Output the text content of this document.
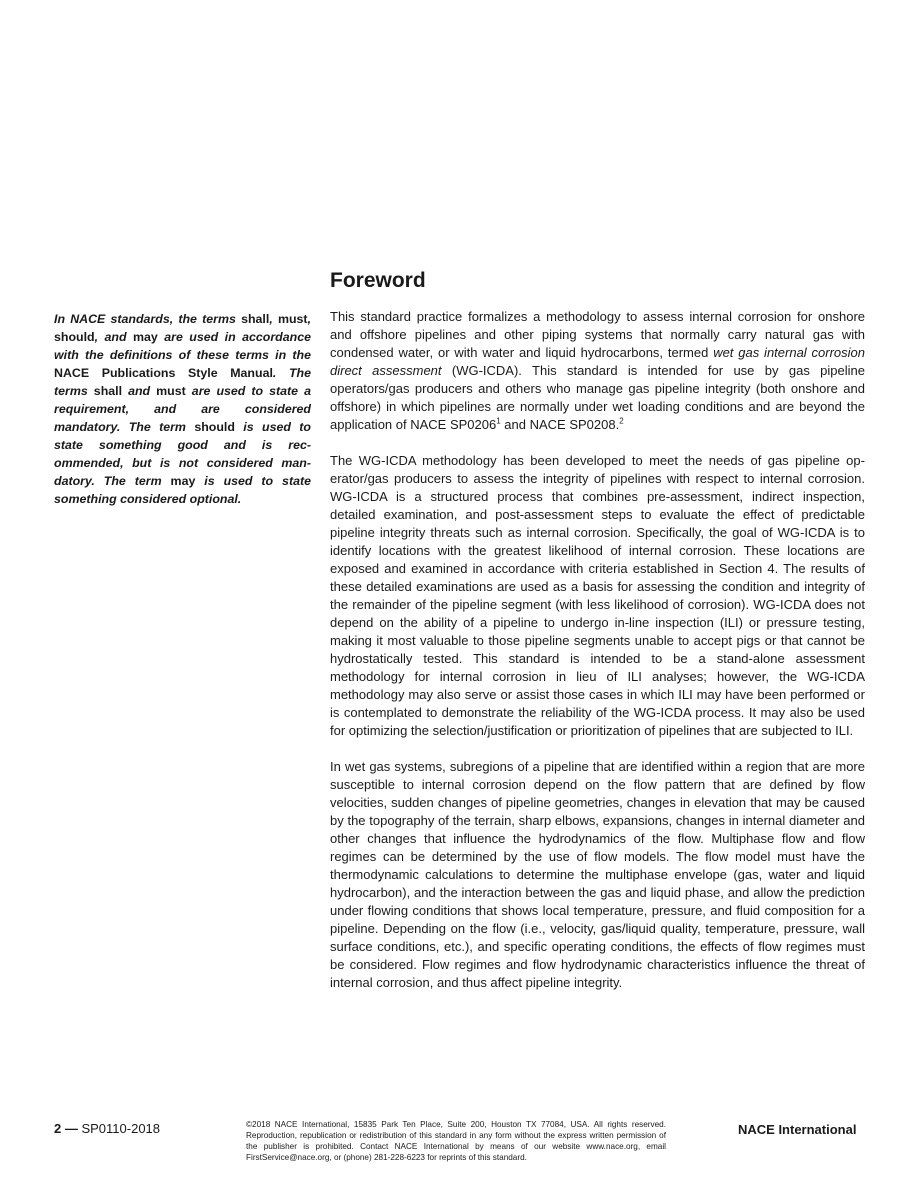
In NACE standards, the terms shall, must, should, and may are used in accordance with the definitions of these terms in the NACE Publications Style Manual. The terms shall and must are used to state a requirement, and are considered mandatory. The term should is used to state something good and is recommended, but is not considered mandatory. The term may is used to state something considered optional.
Foreword

This standard practice formalizes a methodology to assess internal corrosion for onshore and offshore pipelines and other piping systems that normally carry natural gas with condensed water, or with water and liquid hydrocarbons, termed wet gas internal corrosion direct assessment (WG-ICDA). This standard is intended for use by gas pipeline operators/gas producers and others who manage gas pipeline integrity (both onshore and offshore) in which pipelines are normally under wet loading conditions and are beyond the application of NACE SP0206$^1$ and NACE SP0208.$^2$

The WG-ICDA methodology has been developed to meet the needs of gas pipeline operator/gas producers to assess the integrity of pipelines with respect to internal corrosion. WG-ICDA is a structured process that combines pre-assessment, indirect inspection, detailed examination, and post-assessment steps to evaluate the effect of predictable pipeline integrity threats such as internal corrosion. Specifically, the goal of WG-ICDA is to identify locations with the greatest likelihood of internal corrosion. These locations are exposed and examined in accordance with criteria established in Section 4. The results of these detailed examinations are used as a basis for assessing the condition and integrity of the remainder of the pipeline segment (with less likelihood of corrosion). WG-ICDA does not depend on the ability of a pipeline to undergo in-line inspection (ILI) or pressure testing, making it most valuable to those pipeline segments unable to accept pigs or that cannot be hydrostatically tested. This standard is intended to be a stand-alone assessment methodology for internal corrosion in lieu of ILI analyses; however, the WG-ICDA methodology may also serve or assist those cases in which ILI may have been performed or is contemplated to demonstrate the reliability of the WG-ICDA process. It may also be used for optimizing the selection/justification or prioritization of pipelines that are subjected to ILI.

In wet gas systems, subregions of a pipeline that are identified within a region that are more susceptible to internal corrosion depend on the flow pattern that are defined by flow velocities, sudden changes of pipeline geometries, changes in elevation that may be caused by the topography of the terrain, sharp elbows, expansions, changes in internal diameter and other changes that influence the hydrodynamics of the flow. Multiphase flow and flow regimes can be determined by the use of flow models. The flow model must have the thermodynamic calculations to determine the multiphase envelope (gas, water and liquid hydrocarbon), and the interaction between the gas and liquid phase, and allow the prediction under flowing conditions that shows local temperature, pressure, and fluid composition for a pipeline. Depending on the flow (i.e., velocity, gas/liquid quality, temperature, pressure, wall surface conditions, etc.), and specific operating conditions, the effects of flow regimes must be considered. Flow regimes and flow hydrodynamic characteristics influence the threat of internal corrosion, and thus affect pipeline integrity.

2 — SP0110-2018	©2018 NACE International, 15835 Park Ten Place, Suite 200, Houston TX 77084, USA. All rights reserved. Reproduction, republication or redistribution of this standard in any form without the express written permission of the publisher is prohibited. Contact NACE International by means of our website www.nace.org, email FirstService@nace.org, or (phone) 281-228-6223 for reprints of this standard.
NACE International
